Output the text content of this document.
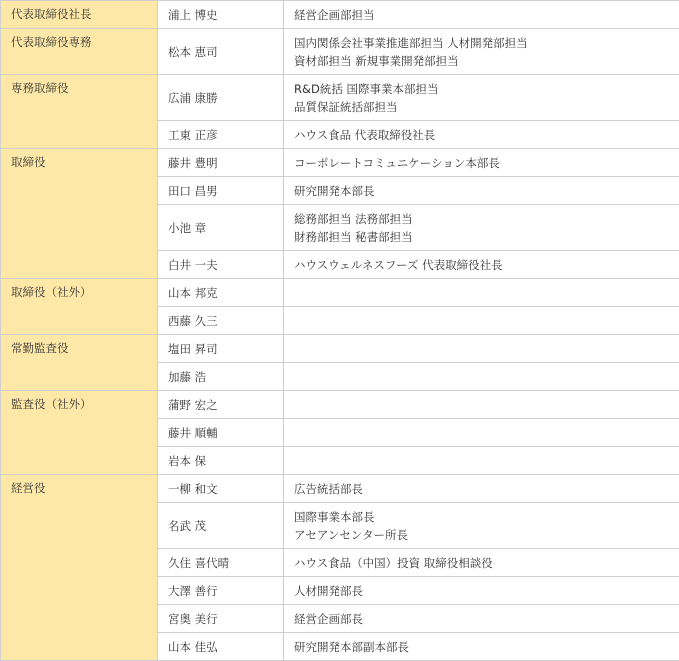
代表取締役社長	浦上 博史	経営企画部担当

代表取締役専務	松本 恵司	国内関係会社事業推進部担当 人材開発部担当
資材部担当 新規事業開発部担当

専務取締役	広浦 康勝	R&D統括 国際事業本部担当
品質保証統括部担当

	工東 正彦	ハウス食品 代表取締役社長

取締役	藤井 豊明	コーポレートコミュニケーション本部長

	田口 昌男	研究開発本部長

	小池 章	総務部担当 法務部担当
財務部担当 秘書部担当

	白井 一夫	ハウスウェルネスフーズ 代表取締役社長

取締役（社外）	山本 邦克	
	西藤 久三	
常勤監査役	塩田 昇司	
	加藤 浩	
監査役（社外）	蒲野 宏之	
	藤井 順輔	
	岩本 保	
経営役	一柳 和文	広告統括部長

	名武 茂	国際事業本部長
アセアンセンター所長

	久住 喜代晴	ハウス食品（中国）投資 取締役相談役

	大澤 善行	人材開発部長

	宮奥 美行	経営企画部長

	山本 佳弘	研究開発本部副本部長
